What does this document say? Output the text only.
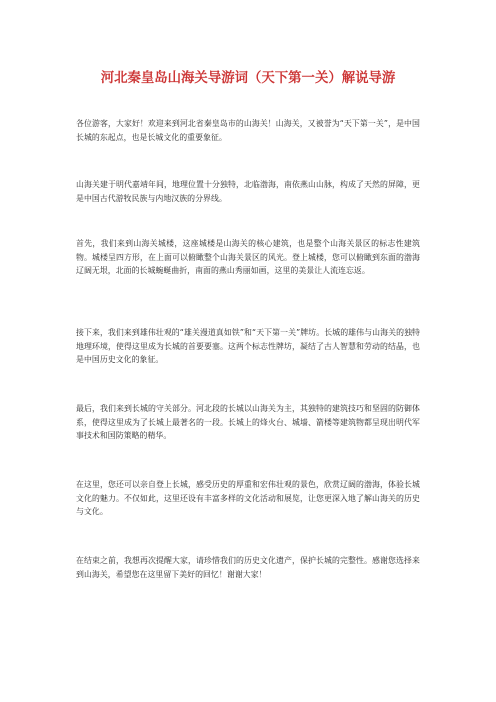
河北秦皇岛山海关导游词（天下第一关）解说导游

各位游客，大家好！欢迎来到河北省秦皇岛市的山海关！山海关，又被誉为“天下第一关”，是中国长城的东起点，也是长城文化的重要象征。

山海关建于明代嘉靖年间，地理位置十分独特，北临渤海，南依燕山山脉，构成了天然的屏障，更是中国古代游牧民族与内地汉族的分界线。

首先，我们来到山海关城楼，这座城楼是山海关的核心建筑，也是整个山海关景区的标志性建筑物。城楼呈四方形，在上面可以俯瞰整个山海关景区的风光。登上城楼，您可以俯瞰到东面的渤海辽阔无垠，北面的长城蜿蜒曲折，南面的燕山秀丽如画，这里的美景让人流连忘返。

接下来，我们来到雄伟壮观的“雄关漫道真如铁”和“天下第一关”牌坊。长城的雄伟与山海关的独特地理环境，使得这里成为长城的首要要塞。这两个标志性牌坊，凝结了古人智慧和劳动的结晶，也是中国历史文化的象征。

最后，我们来到长城的守关部分。河北段的长城以山海关为主，其独特的建筑技巧和坚固的防御体系，使得这里成为了长城上最著名的一段。长城上的烽火台、城墙、箭楼等建筑物都呈现出明代军事技术和国防策略的精华。

在这里，您还可以亲自登上长城，感受历史的厚重和宏伟壮观的景色，欣赏辽阔的渤海，体验长城文化的魅力。不仅如此，这里还设有丰富多样的文化活动和展览，让您更深入地了解山海关的历史与文化。

在结束之前，我想再次提醒大家，请珍惜我们的历史文化遗产，保护长城的完整性。感谢您选择来到山海关，希望您在这里留下美好的回忆！谢谢大家！
